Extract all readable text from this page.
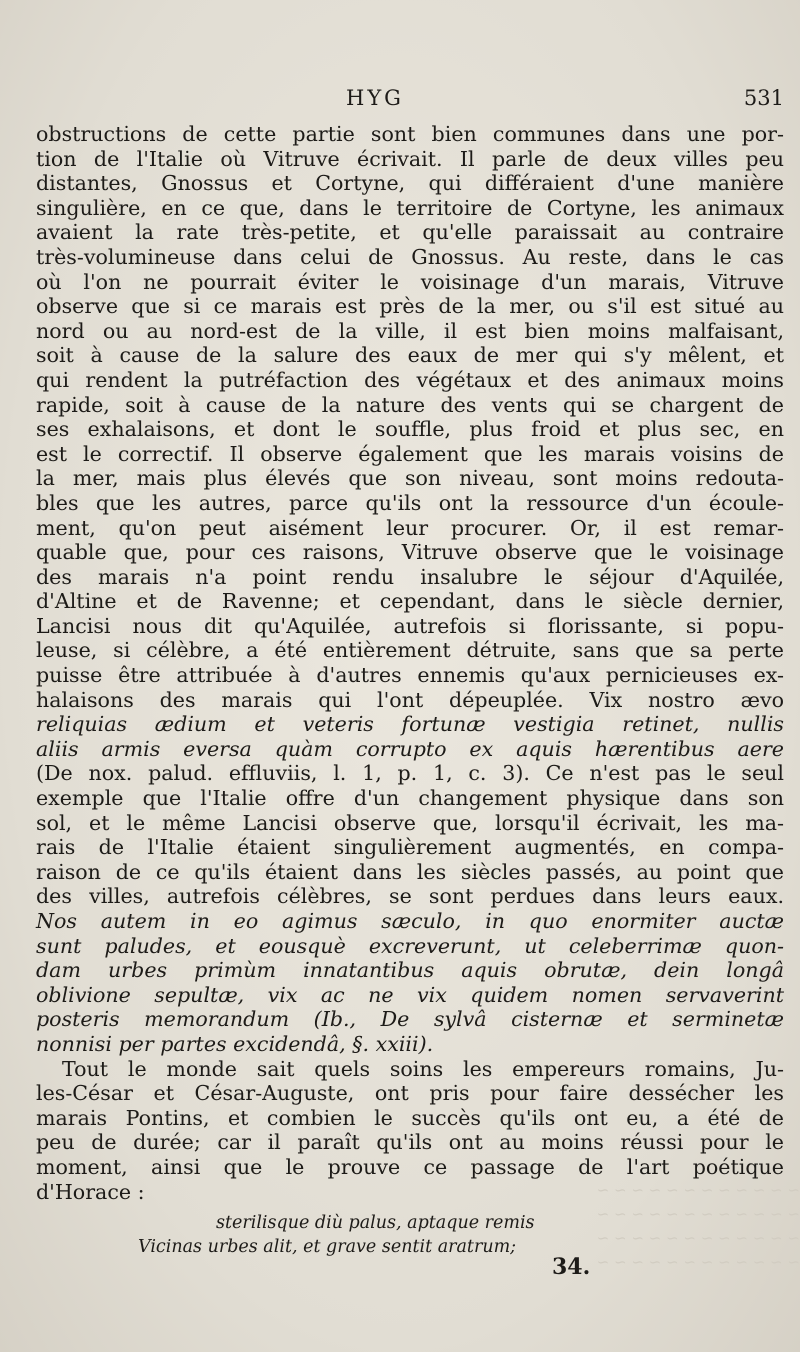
~ ~ ~ ~ ~ ~ ~ ~ ~ ~ ~ ~
~ ~ ~ ~ ~ ~ ~ ~ ~ ~ ~ ~
~ ~ ~ ~ ~ ~ ~ ~ ~ ~ ~ ~
~ ~ ~ ~ ~ ~ ~ ~ ~ ~ ~ ~
HYG	531
obstructions de cette partie sont bien communes dans une por-
tion de l'Italie où Vitruve écrivait. Il parle de deux villes peu
distantes, Gnossus et Cortyne, qui différaient d'une manière
singulière, en ce que, dans le territoire de Cortyne, les animaux
avaient la rate très-petite, et qu'elle paraissait au contraire
très-volumineuse dans celui de Gnossus. Au reste, dans le cas
où l'on ne pourrait éviter le voisinage d'un marais, Vitruve
observe que si ce marais est près de la mer, ou s'il est situé au
nord ou au nord-est de la ville, il est bien moins malfaisant,
soit à cause de la salure des eaux de mer qui s'y mêlent, et
qui rendent la putréfaction des végétaux et des animaux moins
rapide, soit à cause de la nature des vents qui se chargent de
ses exhalaisons, et dont le souffle, plus froid et plus sec, en
est le correctif. Il observe également que les marais voisins de
la mer, mais plus élevés que son niveau, sont moins redouta-
bles que les autres, parce qu'ils ont la ressource d'un écoule-
ment, qu'on peut aisément leur procurer. Or, il est remar-
quable que, pour ces raisons, Vitruve observe que le voisinage
des marais n'a point rendu insalubre le séjour d'Aquilée,
d'Altine et de Ravenne; et cependant, dans le siècle dernier,
Lancisi nous dit qu'Aquilée, autrefois si florissante, si popu-
leuse, si célèbre, a été entièrement détruite, sans que sa perte
puisse être attribuée à d'autres ennemis qu'aux pernicieuses ex-
halaisons des marais qui l'ont dépeuplée. Vix nostro ævo
reliquias ædium et veteris fortunæ vestigia retinet, nullis
aliis armis eversa quàm corrupto ex aquis hærentibus aere
(De nox. palud. effluviis, l. 1, p. 1, c. 3). Ce n'est pas le seul
exemple que l'Italie offre d'un changement physique dans son
sol, et le même Lancisi observe que, lorsqu'il écrivait, les ma-
rais de l'Italie étaient singulièrement augmentés, en compa-
raison de ce qu'ils étaient dans les siècles passés, au point que
des villes, autrefois célèbres, se sont perdues dans leurs eaux.
Nos autem in eo agimus sæculo, in quo enormiter auctæ
sunt paludes, et eousquè excreverunt, ut celeberrimæ quon-
dam urbes primùm innatantibus aquis obrutæ, dein longâ
oblivione sepultæ, vix ac ne vix quidem nomen servaverint
posteris memorandum (Ib., De sylvâ cisternæ et serminetæ
nonnisi per partes excidendâ, §. xxiii).
Tout le monde sait quels soins les empereurs romains, Ju-
les-César et César-Auguste, ont pris pour faire dessécher les
marais Pontins, et combien le succès qu'ils ont eu, a été de
peu de durée; car il paraît qu'ils ont au moins réussi pour le
moment, ainsi que le prouve ce passage de l'art poétique
d'Horace :
sterilisque diù palus, aptaque remis
Vicinas urbes alit, et grave sentit aratrum;
34.
